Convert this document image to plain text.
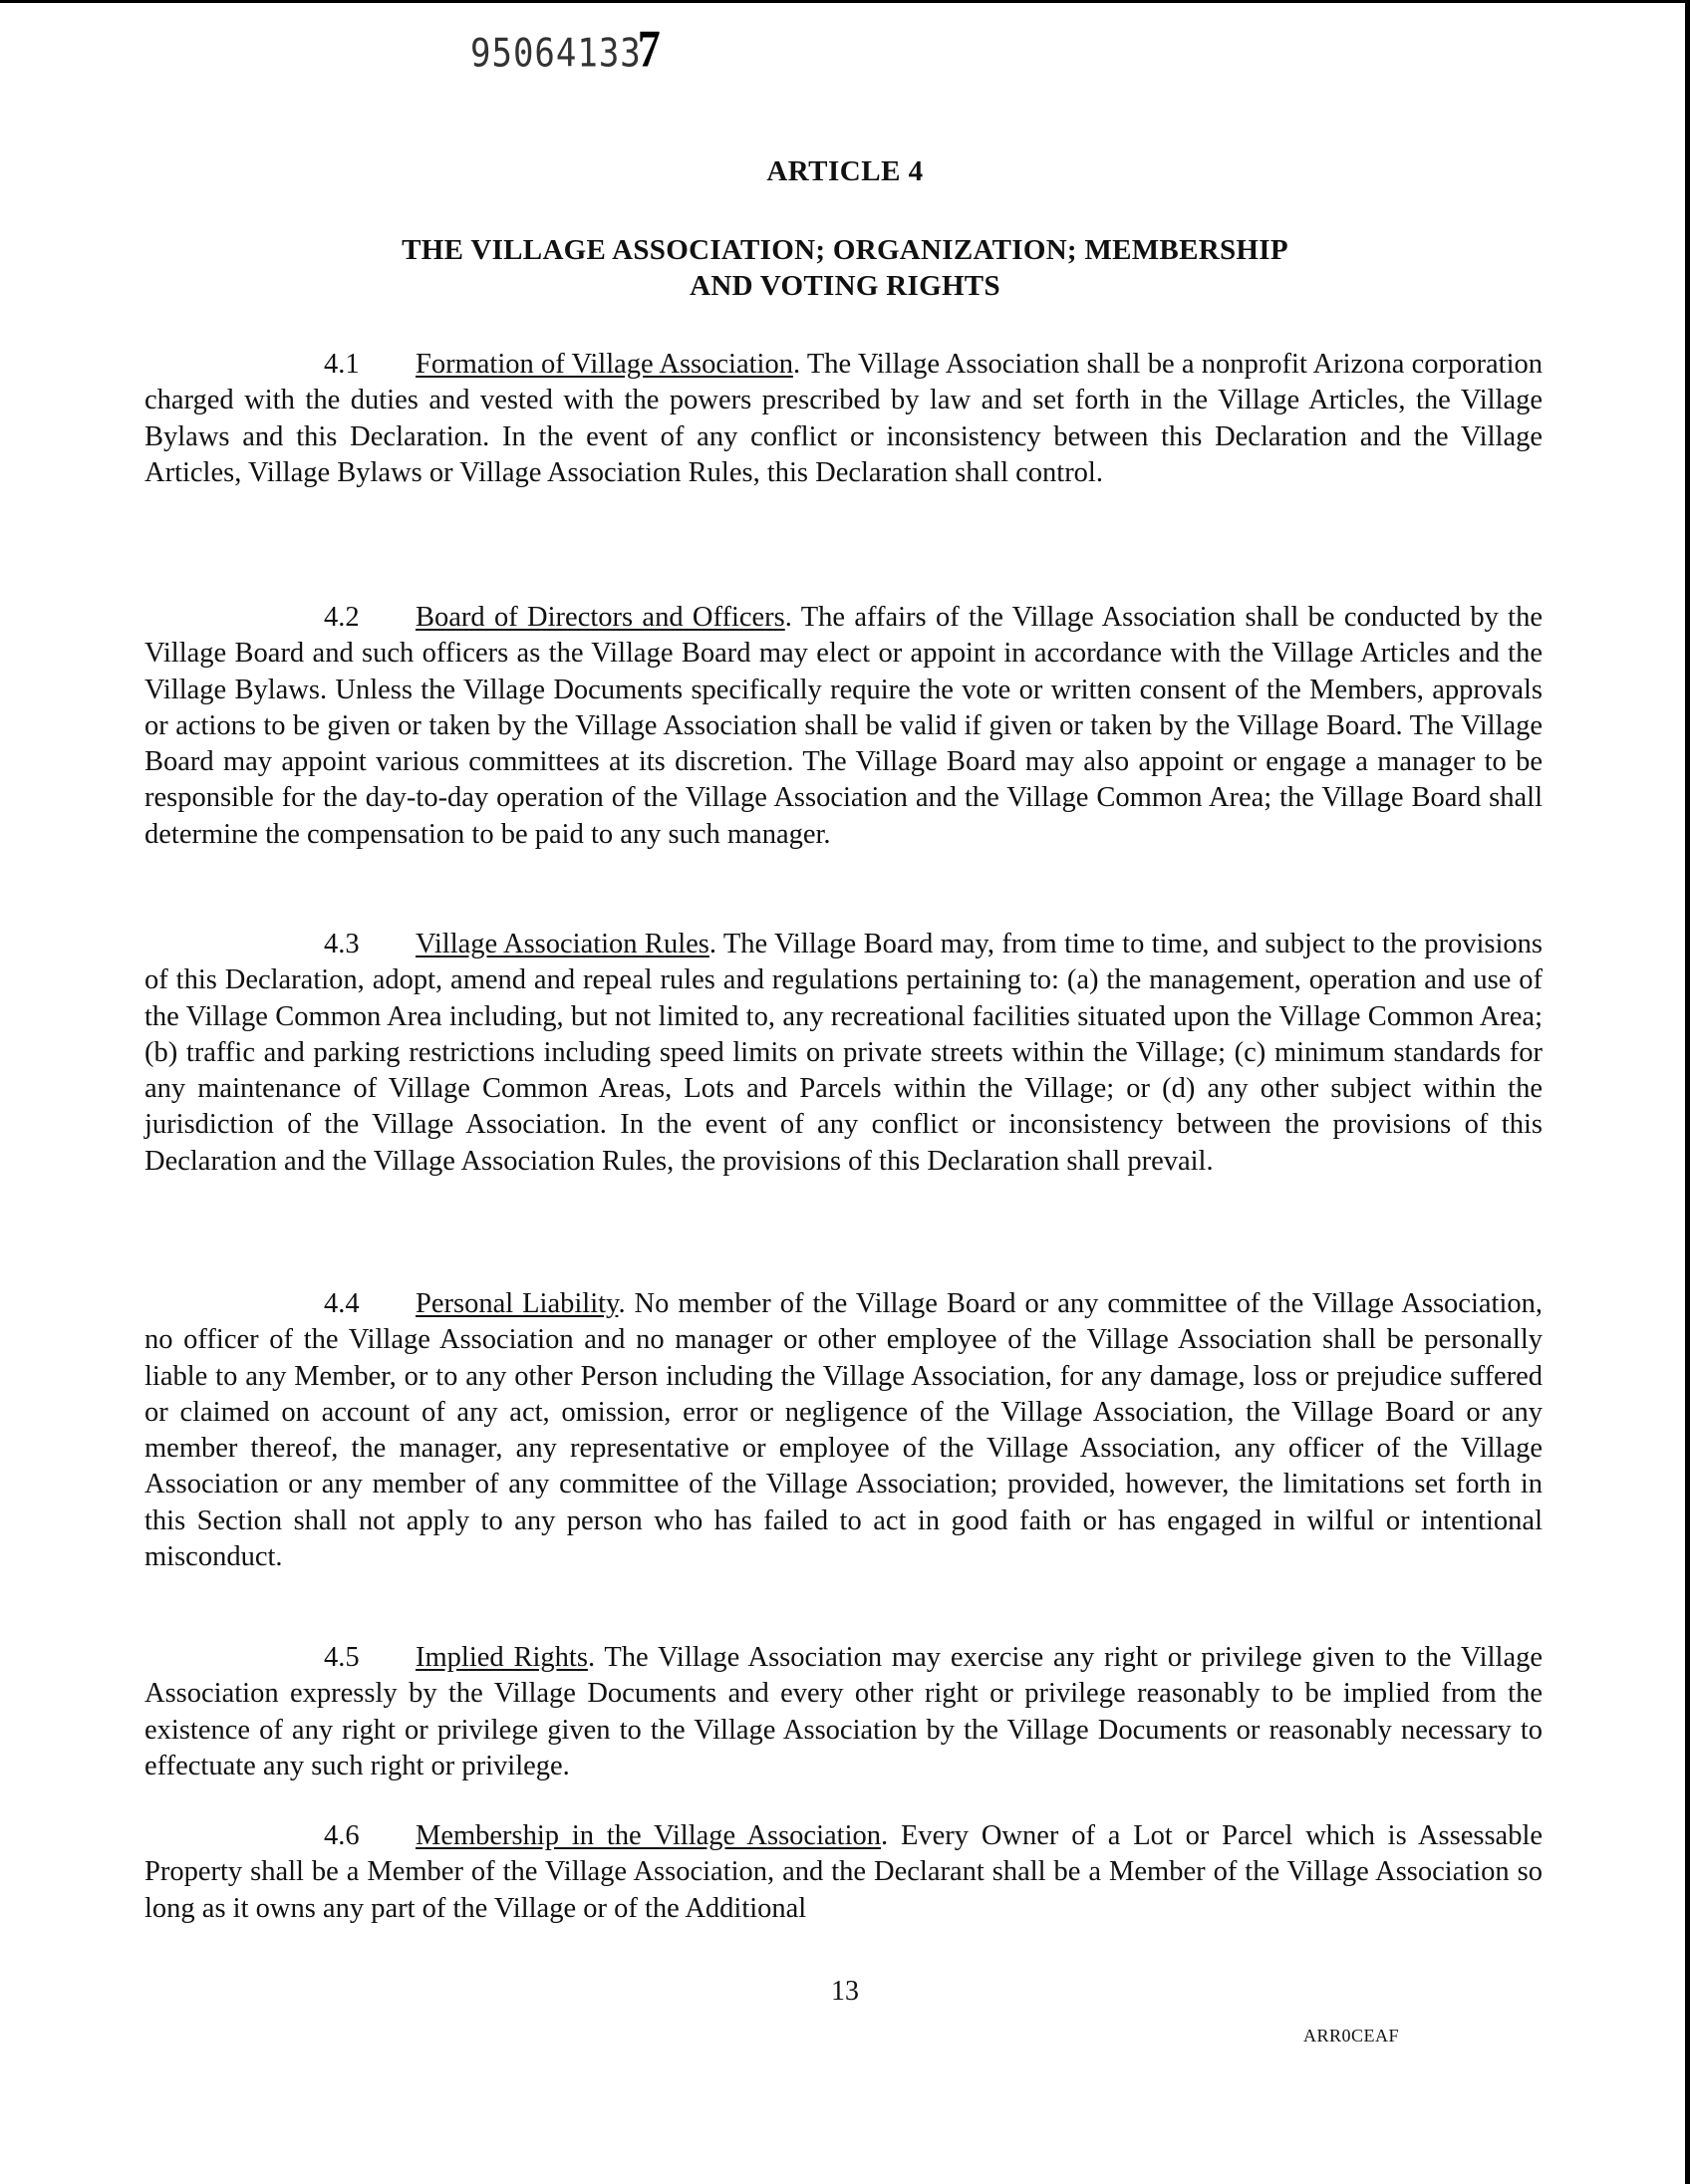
950641337
ARTICLE 4
THE VILLAGE ASSOCIATION; ORGANIZATION; MEMBERSHIP
AND VOTING RIGHTS

4.1 Formation of Village Association. The Village Association shall be a nonprofit Arizona corporation charged with the duties and vested with the powers prescribed by law and set forth in the Village Articles, the Village Bylaws and this Declaration. In the event of any conflict or inconsistency between this Declaration and the Village Articles, Village Bylaws or Village Association Rules, this Declaration shall control.

4.2 Board of Directors and Officers. The affairs of the Village Association shall be conducted by the Village Board and such officers as the Village Board may elect or appoint in accordance with the Village Articles and the Village Bylaws. Unless the Village Documents specifically require the vote or written consent of the Members, approvals or actions to be given or taken by the Village Association shall be valid if given or taken by the Village Board. The Village Board may appoint various committees at its discretion. The Village Board may also appoint or engage a manager to be responsible for the day-to-day operation of the Village Association and the Village Common Area; the Village Board shall determine the compensation to be paid to any such manager.

4.3 Village Association Rules. The Village Board may, from time to time, and subject to the provisions of this Declaration, adopt, amend and repeal rules and regulations pertaining to: (a) the management, operation and use of the Village Common Area including, but not limited to, any recreational facilities situated upon the Village Common Area; (b) traffic and parking restrictions including speed limits on private streets within the Village; (c) minimum standards for any maintenance of Village Common Areas, Lots and Parcels within the Village; or (d) any other subject within the jurisdiction of the Village Association. In the event of any conflict or inconsistency between the provisions of this Declaration and the Village Association Rules, the provisions of this Declaration shall prevail.

4.4 Personal Liability. No member of the Village Board or any committee of the Village Association, no officer of the Village Association and no manager or other employee of the Village Association shall be personally liable to any Member, or to any other Person including the Village Association, for any damage, loss or prejudice suffered or claimed on account of any act, omission, error or negligence of the Village Association, the Village Board or any member thereof, the manager, any representative or employee of the Village Association, any officer of the Village Association or any member of any committee of the Village Association; provided, however, the limitations set forth in this Section shall not apply to any person who has failed to act in good faith or has engaged in wilful or intentional misconduct.

4.5 Implied Rights. The Village Association may exercise any right or privilege given to the Village Association expressly by the Village Documents and every other right or privilege reasonably to be implied from the existence of any right or privilege given to the Village Association by the Village Documents or reasonably necessary to effectuate any such right or privilege.

4.6 Membership in the Village Association. Every Owner of a Lot or Parcel which is Assessable Property shall be a Member of the Village Association, and the Declarant shall be a Member of the Village Association so long as it owns any part of the Village or of the Additional

13
ARR0CEAF
